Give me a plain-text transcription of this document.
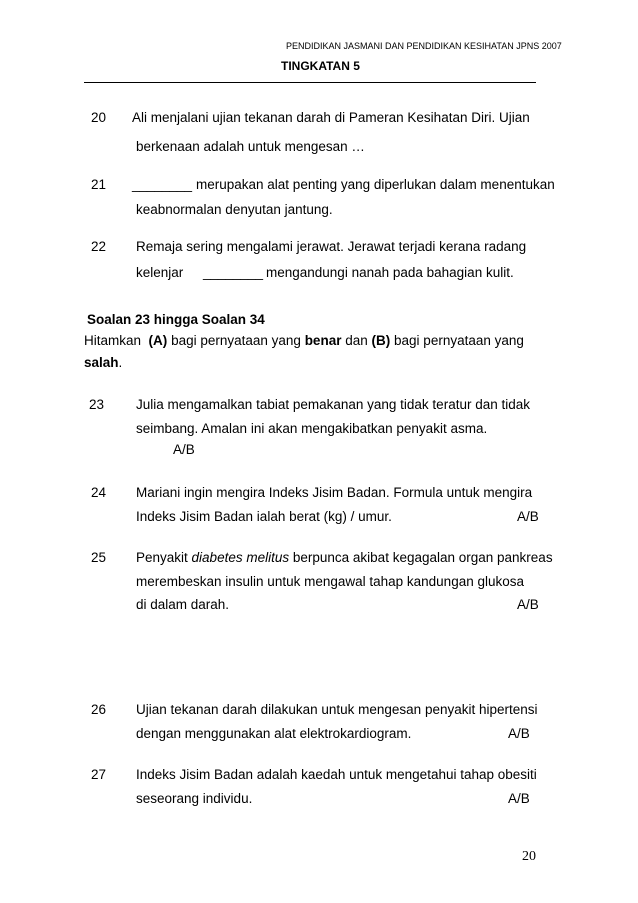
PENDIDIKAN JASMANI DAN PENDIDIKAN KESIHATAN JPNS 2007
TINGKATAN 5
20 Ali menjalani ujian tekanan darah di Pameran Kesihatan Diri. Ujian
berkenaan adalah untuk mengesan …
21 ________ merupakan alat penting yang diperlukan dalam menentukan
keabnormalan denyutan jantung.
22 Remaja sering mengalami jerawat. Jerawat terjadi kerana radang
kelenjar ________ mengandungi nanah pada bahagian kulit.
Soalan 23 hingga Soalan 34
Hitamkan (A) bagi pernyataan yang benar dan (B) bagi pernyataan yang
salah.
23 Julia mengamalkan tabiat pemakanan yang tidak teratur dan tidak
seimbang. Amalan ini akan mengakibatkan penyakit asma.
A/B
24 Mariani ingin mengira Indeks Jisim Badan. Formula untuk mengira
Indeks Jisim Badan ialah berat (kg) / umur.	A/B
25 Penyakit diabetes melitus berpunca akibat kegagalan organ pankreas
merembeskan insulin untuk mengawal tahap kandungan glukosa
di dalam darah.	A/B
26 Ujian tekanan darah dilakukan untuk mengesan penyakit hipertensi
dengan menggunakan alat elektrokardiogram.	A/B
27 Indeks Jisim Badan adalah kaedah untuk mengetahui tahap obesiti
seseorang individu.	A/B
20
